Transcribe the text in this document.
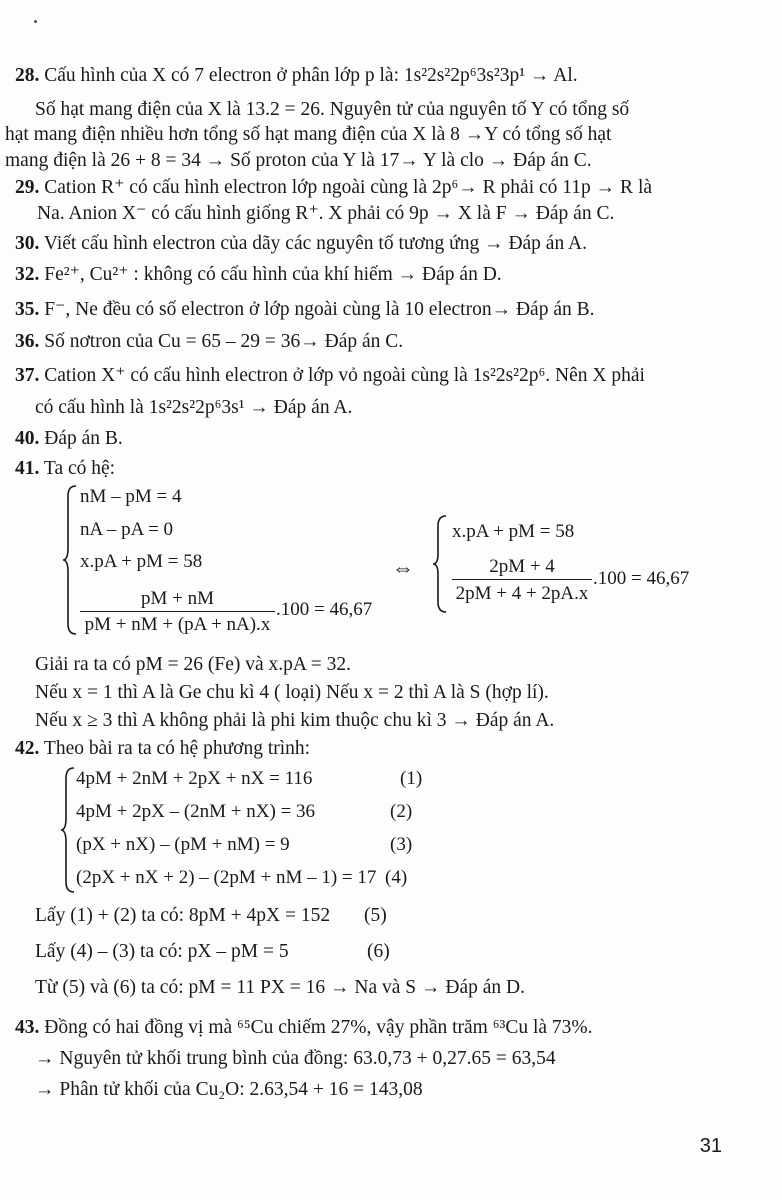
28. Cấu hình của X có 7 electron ở phân lớp p là: 1s²2s²2p⁶3s²3p¹ → Al.
Số hạt mang điện của X là 13.2 = 26. Nguyên tử của nguyên tố Y có tổng số
hạt mang điện nhiều hơn tổng số hạt mang điện của X là 8 →Y có tổng số hạt
mang điện là 26 + 8 = 34 → Số proton của Y là 17→ Y là clo → Đáp án C.
29. Cation R⁺ có cấu hình electron lớp ngoài cùng là 2p⁶→ R phải có 11p → R là
Na. Anion X⁻ có cấu hình giống R⁺. X phải có 9p → X là F → Đáp án C.
30. Viết cấu hình electron của dãy các nguyên tố tương ứng → Đáp án A.
32. Fe²⁺, Cu²⁺ : không có cấu hình của khí hiếm → Đáp án D.
35. F⁻, Ne đều có số electron ở lớp ngoài cùng là 10 electron→ Đáp án B.
36. Số nơtron của Cu = 65 – 29 = 36→ Đáp án C.
37. Cation X⁺ có cấu hình electron ở lớp vỏ ngoài cùng là 1s²2s²2p⁶. Nên X phải
có cấu hình là 1s²2s²2p⁶3s¹ → Đáp án A.
40. Đáp án B.
41. Ta có hệ:
nM – pM = 4
nA – pA = 0
x.pA + pM = 58
pM + nM
pM + nM + (pA + nA).x
.100 = 46,67
⇔
x.pA + pM = 58
2pM + 4
2pM + 4 + 2pA.x
.100 = 46,67
Giải ra ta có pM = 26 (Fe) và x.pA = 32.
Nếu x = 1 thì A là Ge chu kì 4 ( loại) Nếu x = 2 thì A là S (hợp lí).
Nếu x ≥ 3 thì A không phải là phi kim thuộc chu kì 3 → Đáp án A.
42. Theo bài ra ta có hệ phương trình:
4pM + 2nM + 2pX + nX = 116	(1)
4pM + 2pX – (2nM + nX) = 36	(2)
(pX + nX) – (pM + nM) = 9	(3)
(2pX + nX + 2) – (2pM + nM – 1) = 17 (4)
Lấy (1) + (2) ta có: 8pM + 4pX = 152 (5)
Lấy (4) – (3) ta có: pX – pM = 5	(6)
Từ (5) và (6) ta có: pM = 11 PX = 16 → Na và S → Đáp án D.
43. Đồng có hai đồng vị mà ⁶⁵Cu chiếm 27%, vậy phần trăm ⁶³Cu là 73%.
→ Nguyên tử khối trung bình của đồng: 63.0,73 + 0,27.65 = 63,54
→ Phân tử khối của Cu₂O: 2.63,54 + 16 = 143,08
31
